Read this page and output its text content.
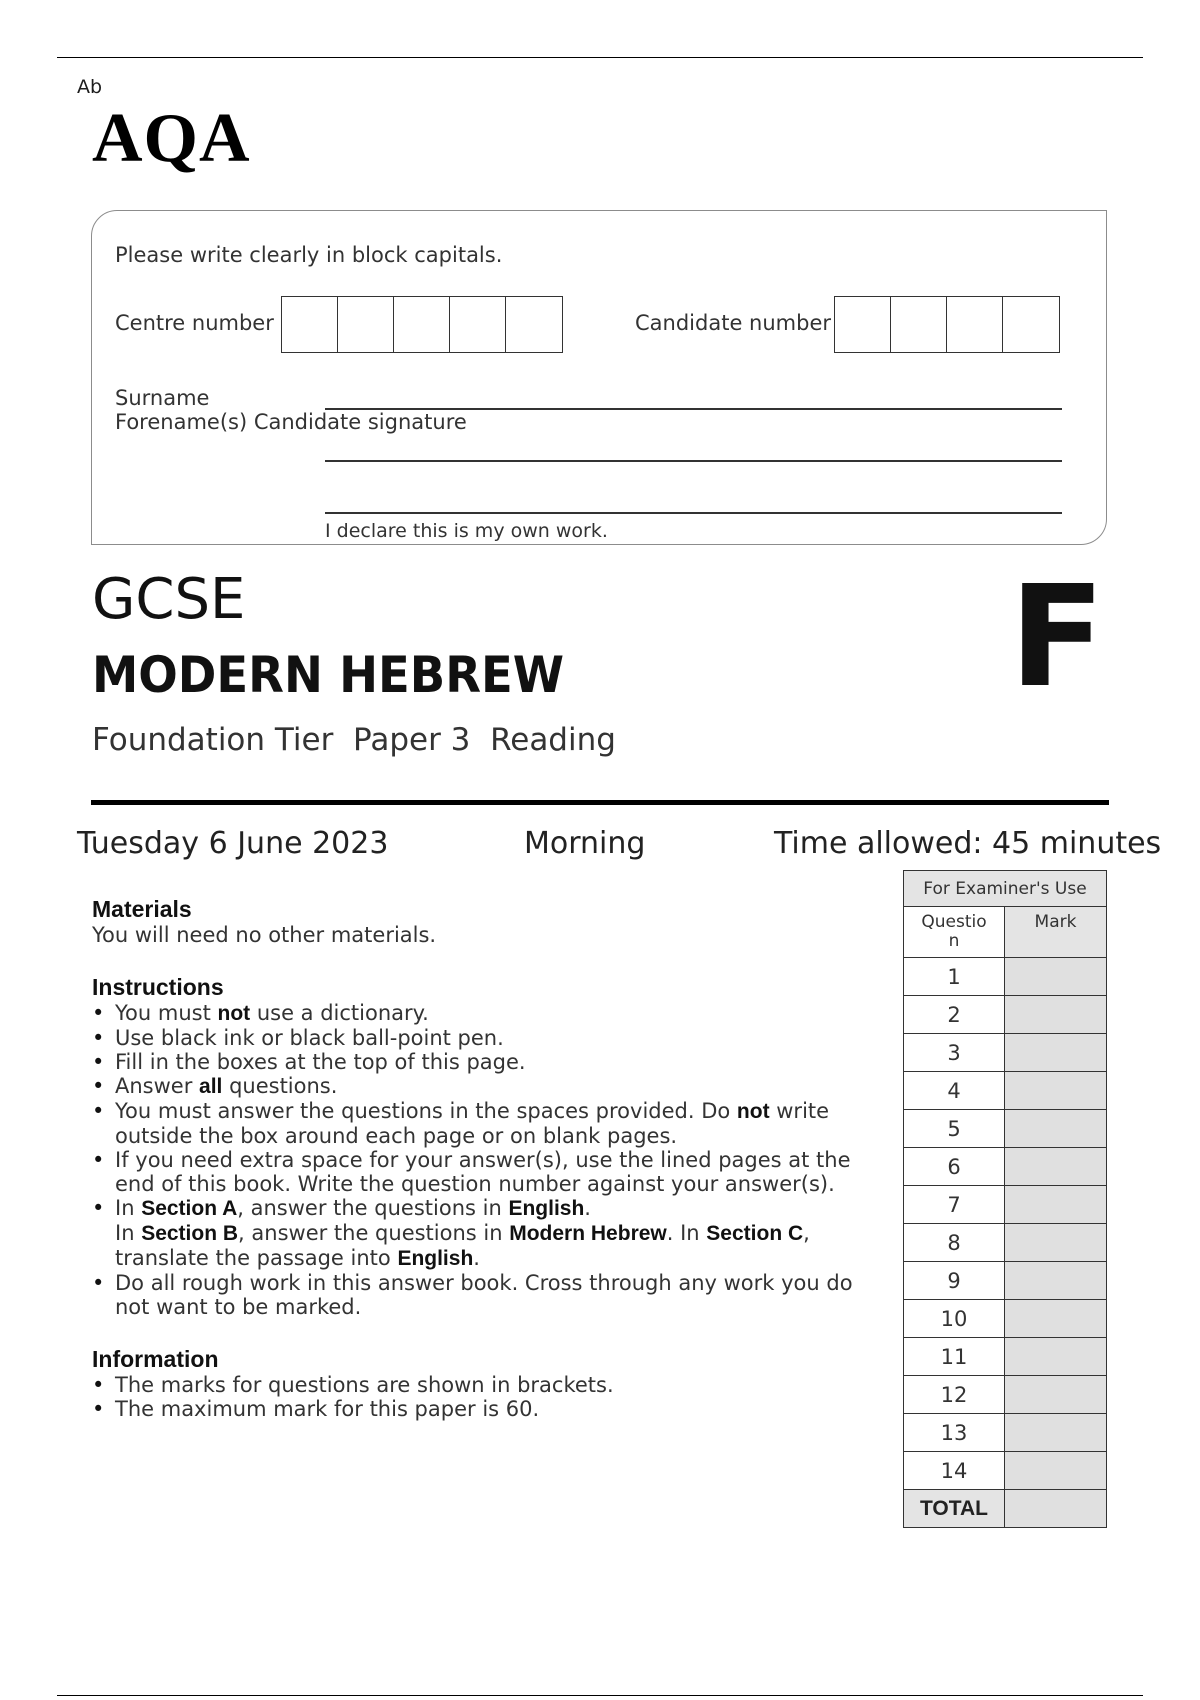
Ab
AQA
Please write clearly in block capitals.
Centre number	Candidate number
Surname
Forename(s) Candidate signature
I declare this is my own work.
GCSE
MODERN HEBREW
Foundation Tier  Paper 3  Reading
F
Tuesday 6 June 2023	Morning	Time allowed: 45 minutes
Materials
You will need no other materials.
Instructions
• You must not use a dictionary.
• Use black ink or black ball-point pen.
• Fill in the boxes at the top of this page.
• Answer all questions.
• You must answer the questions in the spaces provided. Do not write outside the box around each page or on blank pages.
• If you need extra space for your answer(s), use the lined pages at the end of this book. Write the question number against your answer(s).
• In Section A, answer the questions in English.
In Section B, answer the questions in Modern Hebrew. In Section C, translate the passage into English.
• Do all rough work in this answer book. Cross through any work you do not want to be marked.
Information
• The marks for questions are shown in brackets.
• The maximum mark for this paper is 60.
For Examiner's Use	

Question	Mark
1	
2	
3	
4	
5	
6	
7	
8	
9	
10	
11	
12	
13	
14	
TOTAL	
